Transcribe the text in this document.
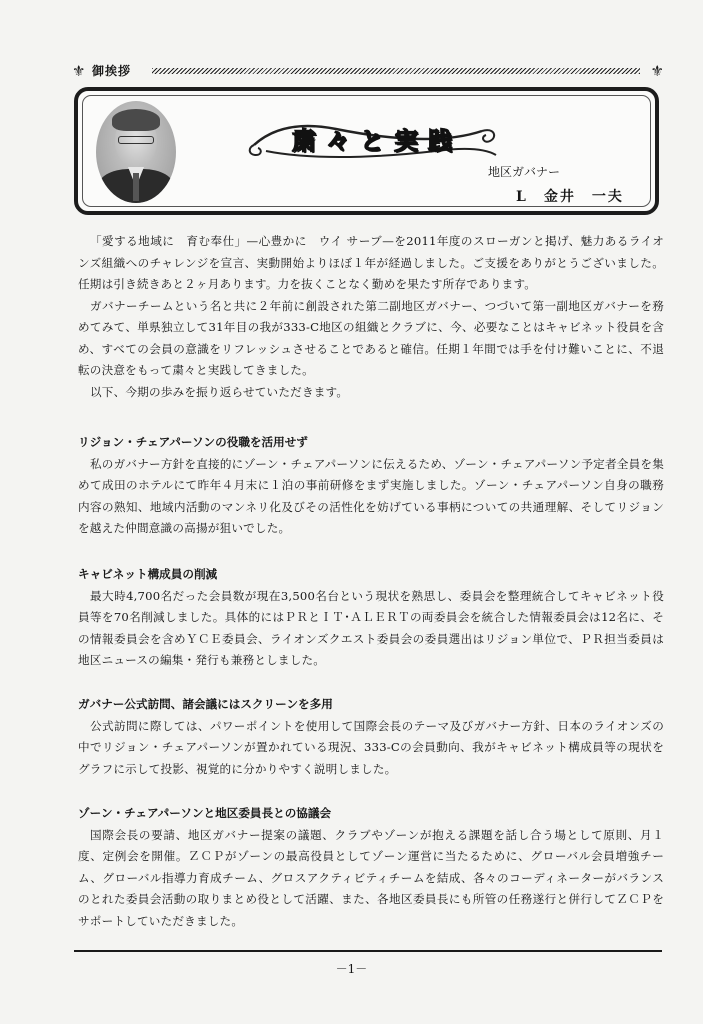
⚜ 御挨拶	⚜
粛々と実践
地区ガバナー
L　金井　一夫

「愛する地域に　育む奉仕」—心豊かに　ウイ サーブ—を2011年度のスローガンと掲げ、魅力あるライオンズ組織へのチャレンジを宣言、実動開始よりほぼ１年が経過しました。ご支援をありがとうございました。任期は引き続きあと２ヶ月あります。力を抜くことなく勤めを果たす所存であります。

ガバナーチームという名と共に２年前に創設された第二副地区ガバナー、つづいて第一副地区ガバナーを務めてみて、単県独立して31年目の我が333-C地区の組織とクラブに、今、必要なことはキャビネット役員を含め、すべての会員の意識をリフレッシュさせることであると確信。任期１年間では手を付け難いことに、不退転の決意をもって粛々と実践してきました。

以下、今期の歩みを振り返らせていただきます。

リジョン・チェアパーソンの役職を活用せず

私のガバナー方針を直接的にゾーン・チェアパーソンに伝えるため、ゾーン・チェアパーソン予定者全員を集めて成田のホテルにて昨年４月末に１泊の事前研修をまず実施しました。ゾーン・チェアパーソン自身の職務内容の熟知、地域内活動のマンネリ化及びその活性化を妨げている事柄についての共通理解、そしてリジョンを越えた仲間意識の高揚が狙いでした。

キャビネット構成員の削減

最大時4,700名だった会員数が現在3,500名台という現状を熟思し、委員会を整理統合してキャビネット役員等を70名削減しました。具体的にはＰＲとＩＴ･ＡＬＥＲＴの両委員会を統合した情報委員会は12名に、その情報委員会を含めＹＣＥ委員会、ライオンズクエスト委員会の委員選出はリジョン単位で、ＰＲ担当委員は地区ニュースの編集・発行も兼務としました。

ガバナー公式訪問、諸会議にはスクリーンを多用

公式訪問に際しては、パワーポイントを使用して国際会長のテーマ及びガバナー方針、日本のライオンズの中でリジョン・チェアパーソンが置かれている現況、333-Cの会員動向、我がキャビネット構成員等の現状をグラフに示して投影、視覚的に分かりやすく説明しました。

ゾーン・チェアパーソンと地区委員長との協議会

国際会長の要請、地区ガバナー提案の議題、クラブやゾーンが抱える課題を話し合う場として原則、月１度、定例会を開催。ＺＣＰがゾーンの最高役員としてゾーン運営に当たるために、グローバル会員増強チーム、グローバル指導力育成チーム、グロスアクティビティチームを結成、各々のコーディネーターがバランスのとれた委員会活動の取りまとめ役として活躍、また、各地区委員長にも所管の任務遂行と併行してＺＣＰをサポートしていただきました。

－1－
